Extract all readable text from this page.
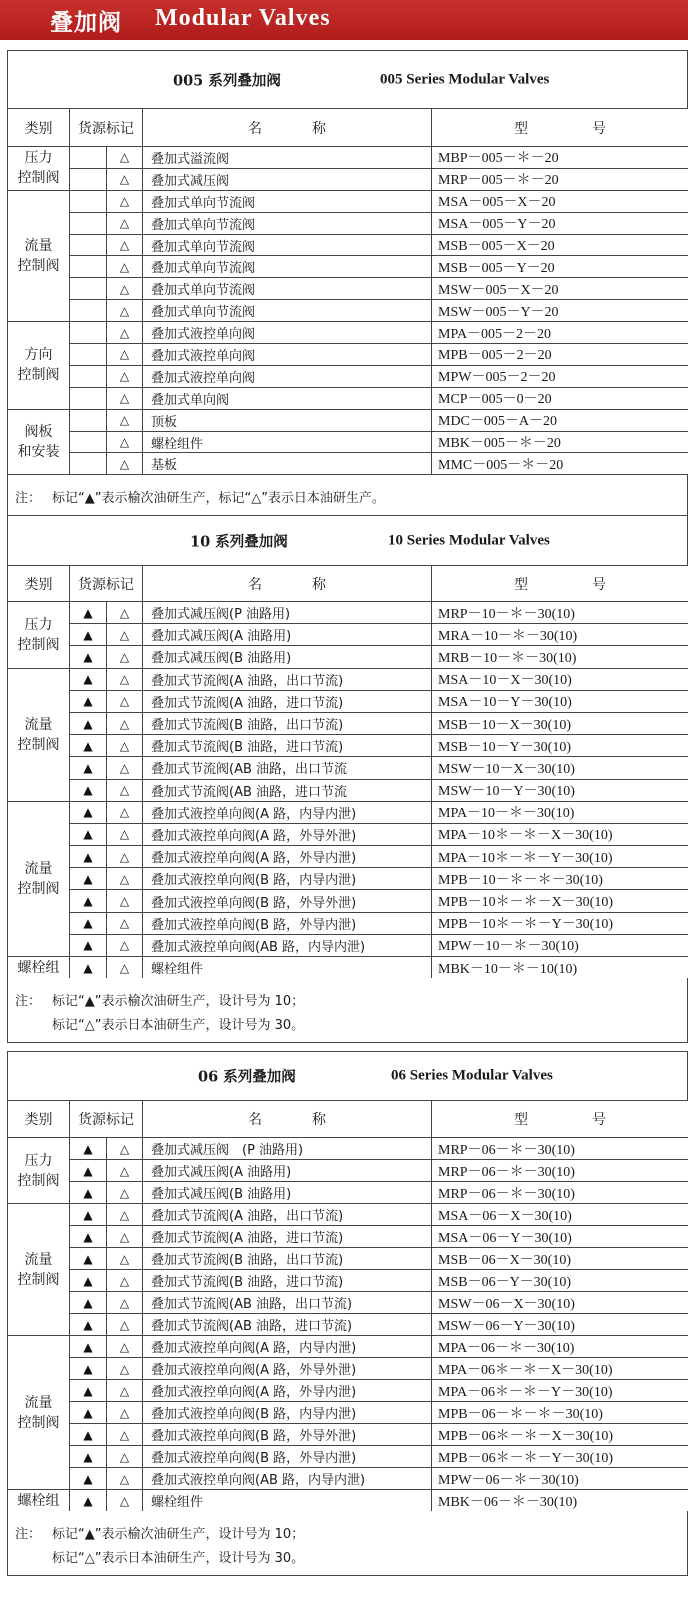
叠加阀 Modular Valves
005 系列叠加阀	005 Series Modular Valves
类别	货源标记		名 称	型 号

压力
控制阀		△	叠加式溢流阀	MBP－005－＊－20
		△	叠加式减压阀	MRP－005－＊－20

流量
控制阀		△	叠加式单向节流阀	MSA－005－X－20
		△	叠加式单向节流阀	MSA－005－Y－20
		△	叠加式单向节流阀	MSB－005－X－20
		△	叠加式单向节流阀	MSB－005－Y－20
		△	叠加式单向节流阀	MSW－005－X－20
		△	叠加式单向节流阀	MSW－005－Y－20

方向
控制阀		△	叠加式液控单向阀	MPA－005－2－20
		△	叠加式液控单向阀	MPB－005－2－20
		△	叠加式液控单向阀	MPW－005－2－20
		△	叠加式单向阀	MCP－005－0－20

阀板
和安装		△	顶板	MDC－005－A－20
		△	螺栓组件	MBK－005－＊－20
		△	基板	MMC－005－＊－20
注： 标记“▲”表示榆次油研生产，标记“△”表示日本油研生产。
10 系列叠加阀	10 Series Modular Valves
类别	货源标记		名 称	型 号

压力
控制阀	▲	△	叠加式减压阀(P 油路用)	MRP－10－＊－30(10)
	▲	△	叠加式减压阀(A 油路用)	MRA－10－＊－30(10)
	▲	△	叠加式减压阀(B 油路用)	MRB－10－＊－30(10)

流量
控制阀	▲	△	叠加式节流阀(A 油路，出口节流)	MSA－10－X－30(10)
	▲	△	叠加式节流阀(A 油路，进口节流)	MSA－10－Y－30(10)
	▲	△	叠加式节流阀(B 油路，出口节流)	MSB－10－X－30(10)
	▲	△	叠加式节流阀(B 油路，进口节流)	MSB－10－Y－30(10)
	▲	△	叠加式节流阀(AB 油路，出口节流	MSW－10－X－30(10)
	▲	△	叠加式节流阀(AB 油路，进口节流	MSW－10－Y－30(10)

流量
控制阀	▲	△	叠加式液控单向阀(A 路，内导内泄)	MPA－10－＊－30(10)
	▲	△	叠加式液控单向阀(A 路，外导外泄)	MPA－10＊－＊－X－30(10)
	▲	△	叠加式液控单向阀(A 路，外导内泄)	MPA－10＊－＊－Y－30(10)
	▲	△	叠加式液控单向阀(B 路，内导内泄)	MPB－10－＊－＊－30(10)
	▲	△	叠加式液控单向阀(B 路，外导外泄)	MPB－10＊－＊－X－30(10)
	▲	△	叠加式液控单向阀(B 路，外导内泄)	MPB－10＊－＊－Y－30(10)
	▲	△	叠加式液控单向阀(AB 路，内导内泄)	MPW－10－＊－30(10)

螺栓组	▲	△	螺栓组件	MBK－10－＊－10(10)
注： 标记“▲”表示榆次油研生产，设计号为 10；
标记“△”表示日本油研生产，设计号为 30。
06 系列叠加阀	06 Series Modular Valves
类别	货源标记		名 称	型 号

压力
控制阀	▲	△	叠加式减压阀　(P 油路用)	MRP－06－＊－30(10)
	▲	△	叠加式减压阀(A 油路用)	MRP－06－＊－30(10)
	▲	△	叠加式减压阀(B 油路用)	MRP－06－＊－30(10)

流量
控制阀	▲	△	叠加式节流阀(A 油路，出口节流)	MSA－06－X－30(10)
	▲	△	叠加式节流阀(A 油路，进口节流)	MSA－06－Y－30(10)
	▲	△	叠加式节流阀(B 油路，出口节流)	MSB－06－X－30(10)
	▲	△	叠加式节流阀(B 油路，进口节流)	MSB－06－Y－30(10)
	▲	△	叠加式节流阀(AB 油路，出口节流)	MSW－06－X－30(10)
	▲	△	叠加式节流阀(AB 油路，进口节流)	MSW－06－Y－30(10)

流量
控制阀	▲	△	叠加式液控单向阀(A 路，内导内泄)	MPA－06－＊－30(10)
	▲	△	叠加式液控单向阀(A 路，外导外泄)	MPA－06＊－＊－X－30(10)
	▲	△	叠加式液控单向阀(A 路，外导内泄)	MPA－06＊－＊－Y－30(10)
	▲	△	叠加式液控单向阀(B 路，内导内泄)	MPB－06－＊－＊－30(10)
	▲	△	叠加式液控单向阀(B 路，外导外泄)	MPB－06＊－＊－X－30(10)
	▲	△	叠加式液控单向阀(B 路，外导内泄)	MPB－06＊－＊－Y－30(10)
	▲	△	叠加式液控单向阀(AB 路，内导内泄)	MPW－06－＊－30(10)

螺栓组	▲	△	螺栓组件	MBK－06－＊－30(10)
注： 标记“▲”表示榆次油研生产，设计号为 10；
标记“△”表示日本油研生产，设计号为 30。
